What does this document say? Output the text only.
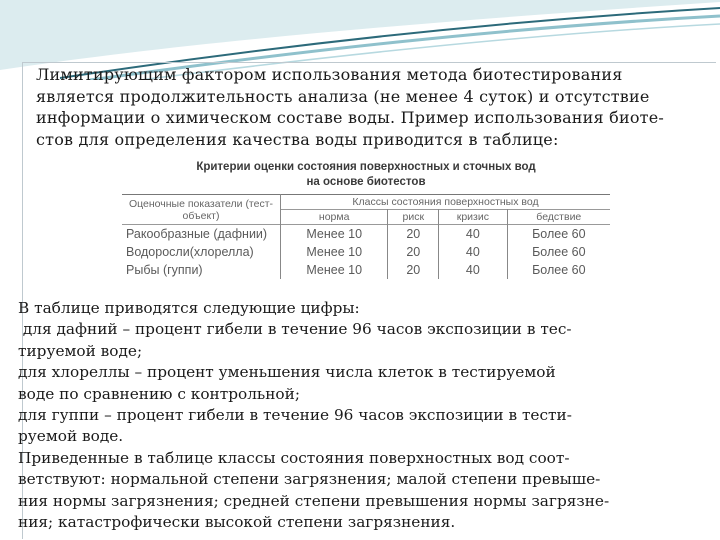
Лимитирующим фактором использования метода биотестирования

является продолжительность анализа (не менее 4 суток) и отсутствие

информации о химическом составе воды. Пример использования биоте-

стов для определения качества воды приводится в таблице:

Критерии оценки состояния поверхностных и сточных вод
на основе биотестов
Оценочные показатели (тест-объект)	Классы состояния поверхностных вод			
	норма	риск	кризис	бедствие
Ракообразные (дафнии)	Менее 10	20	40	Более 60
Водоросли(хлорелла)	Менее 10	20	40	Более 60
Рыбы (гуппи)	Менее 10	20	40	Более 60

В таблице приводятся следующие цифры:

для дафний – процент гибели в течение 96 часов экспозиции в тес-

тируемой воде;

для хлореллы – процент уменьшения числа клеток в тестируемой

воде по сравнению с контрольной;

для гуппи – процент гибели в течение 96 часов экспозиции в тести-

руемой воде.

Приведенные в таблице классы состояния поверхностных вод соот-

ветствуют: нормальной степени загрязнения; малой степени превыше-

ния нормы загрязнения; средней степени превышения нормы загрязне-

ния; катастрофически высокой степени загрязнения.
